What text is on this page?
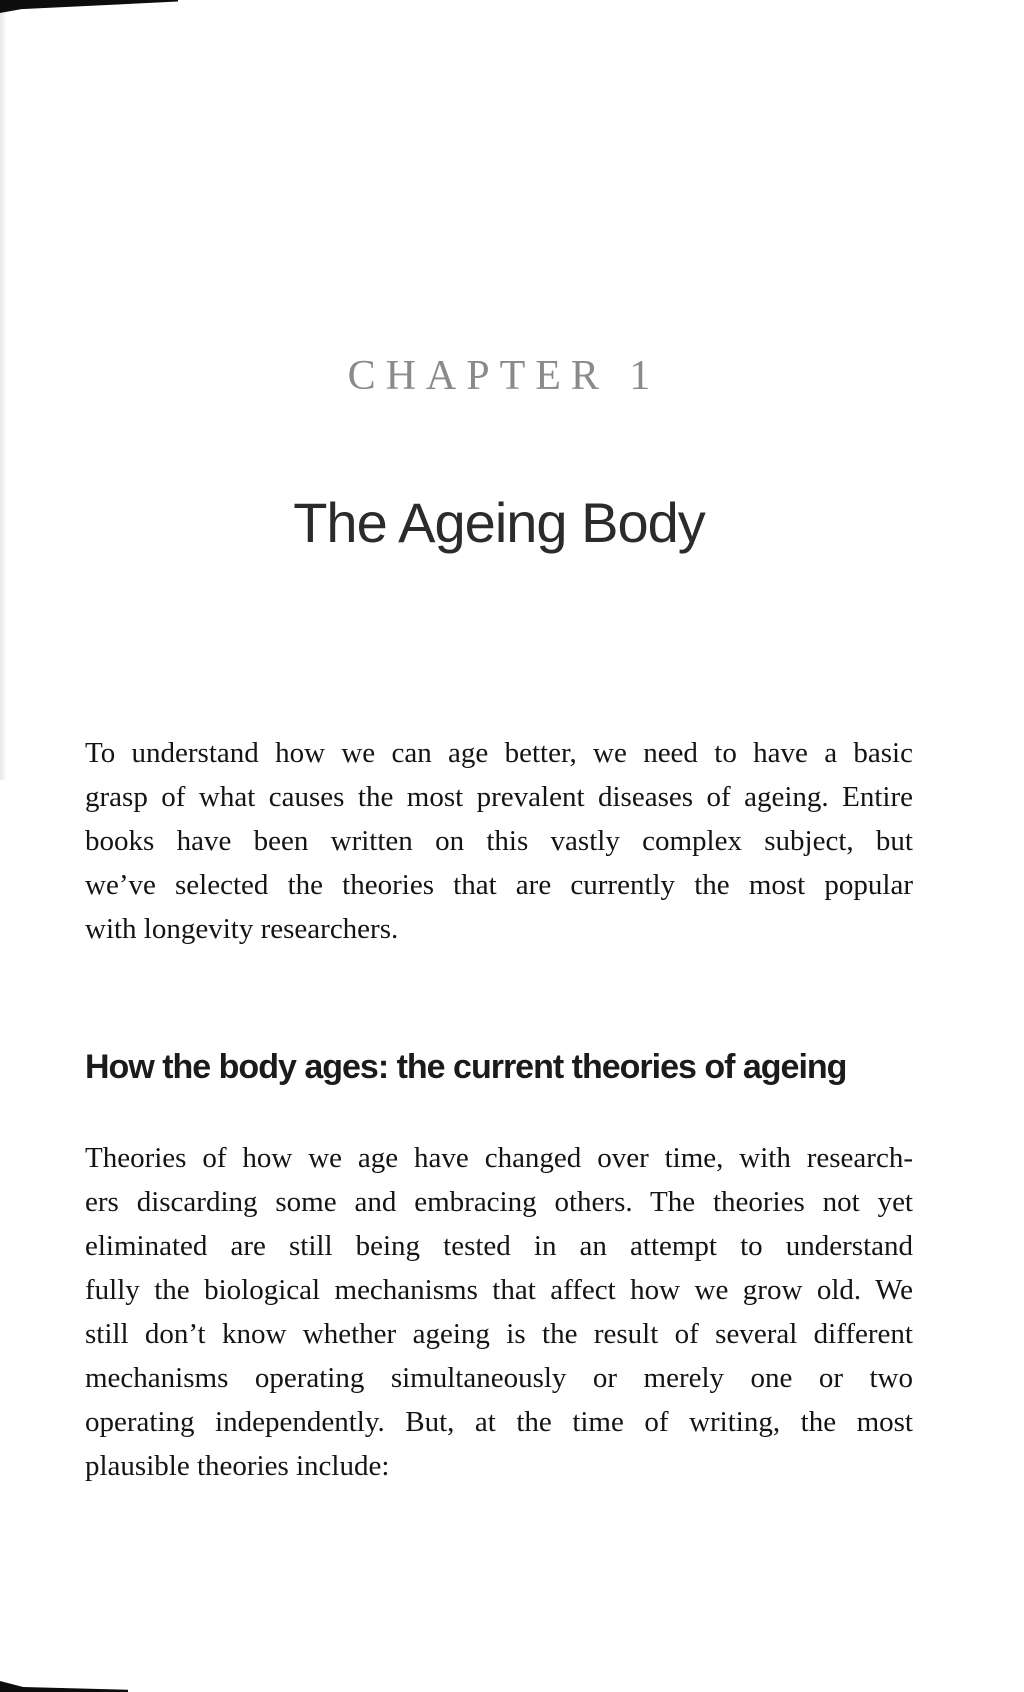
CHAPTER 1
The Ageing Body
To understand how we can age better, we need to have a basic
grasp of what causes the most prevalent diseases of ageing. Entire
books have been written on this vastly complex subject, but
we’ve selected the theories that are currently the most popular
with longevity researchers.
How the body ages: the current theories of ageing
Theories of how we age have changed over time, with research-
ers discarding some and embracing others. The theories not yet
eliminated are still being tested in an attempt to understand
fully the biological mechanisms that affect how we grow old. We
still don’t know whether ageing is the result of several different
mechanisms operating simultaneously or merely one or two
operating independently. But, at the time of writing, the most
plausible theories include:
